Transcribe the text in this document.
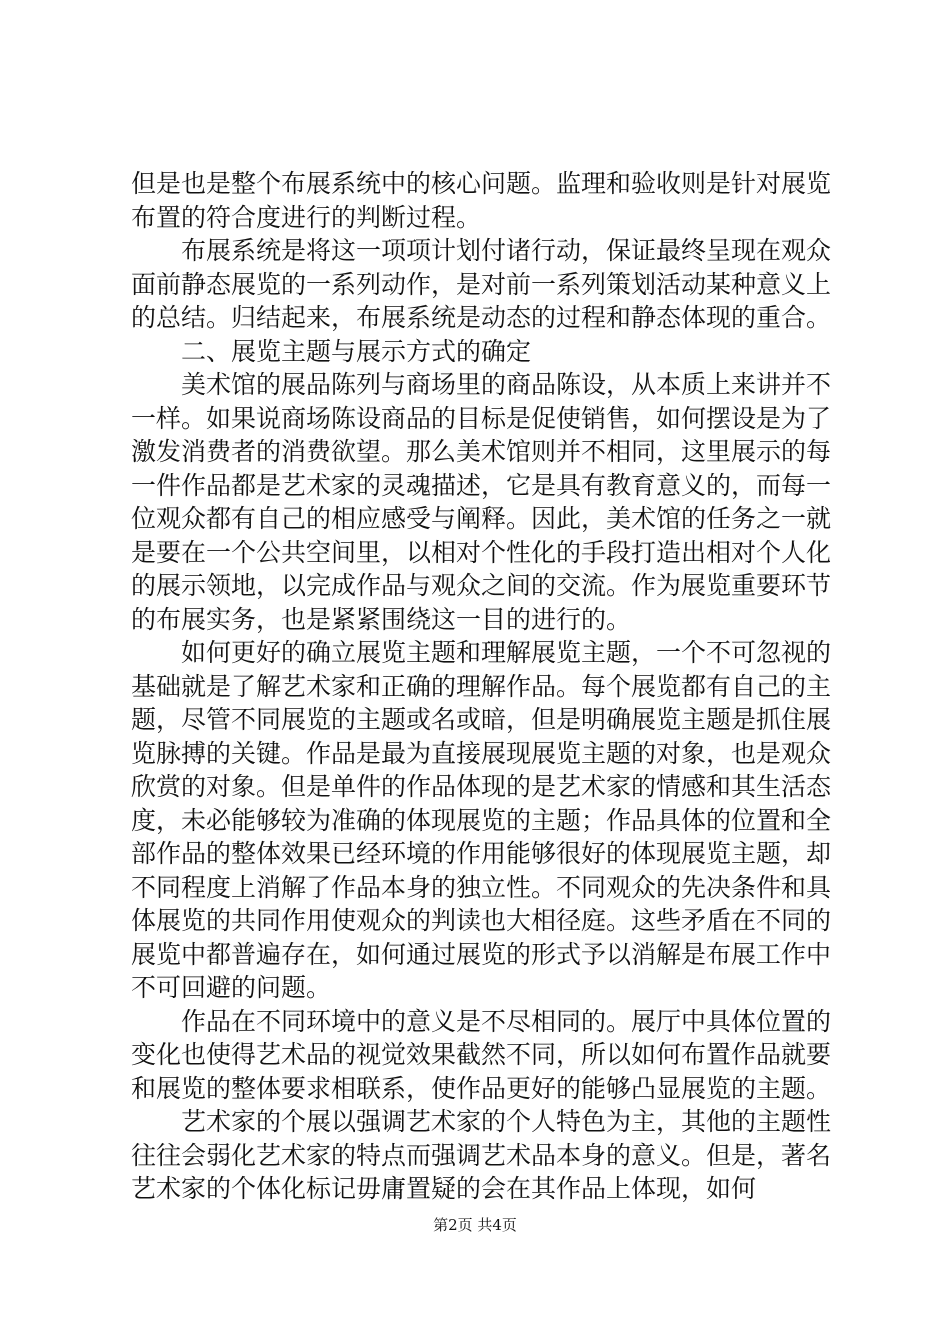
但是也是整个布展系统中的核心问题。监理和验收则是针对展览布置的符合度进行的判断过程。

布展系统是将这一项项计划付诸行动，保证最终呈现在观众面前静态展览的一系列动作，是对前一系列策划活动某种意义上的总结。归结起来，布展系统是动态的过程和静态体现的重合。

二、展览主题与展示方式的确定

美术馆的展品陈列与商场里的商品陈设，从本质上来讲并不一样。如果说商场陈设商品的目标是促使销售，如何摆设是为了激发消费者的消费欲望。那么美术馆则并不相同，这里展示的每一件作品都是艺术家的灵魂描述，它是具有教育意义的，而每一位观众都有自己的相应感受与阐释。因此，美术馆的任务之一就是要在一个公共空间里，以相对个性化的手段打造出相对个人化的展示领地，以完成作品与观众之间的交流。作为展览重要环节的布展实务，也是紧紧围绕这一目的进行的。

如何更好的确立展览主题和理解展览主题，一个不可忽视的基础就是了解艺术家和正确的理解作品。每个展览都有自己的主题，尽管不同展览的主题或名或暗，但是明确展览主题是抓住展览脉搏的关键。作品是最为直接展现展览主题的对象，也是观众欣赏的对象。但是单件的作品体现的是艺术家的情感和其生活态度，未必能够较为准确的体现展览的主题；作品具体的位置和全部作品的整体效果已经环境的作用能够很好的体现展览主题，却不同程度上消解了作品本身的独立性。不同观众的先决条件和具体展览的共同作用使观众的判读也大相径庭。这些矛盾在不同的展览中都普遍存在，如何通过展览的形式予以消解是布展工作中不可回避的问题。

作品在不同环境中的意义是不尽相同的。展厅中具体位置的变化也使得艺术品的视觉效果截然不同，所以如何布置作品就要和展览的整体要求相联系，使作品更好的能够凸显展览的主题。

艺术家的个展以强调艺术家的个人特色为主，其他的主题性往往会弱化艺术家的特点而强调艺术品本身的意义。但是，著名艺术家的个体化标记毋庸置疑的会在其作品上体现，如何

第2页 共4页
